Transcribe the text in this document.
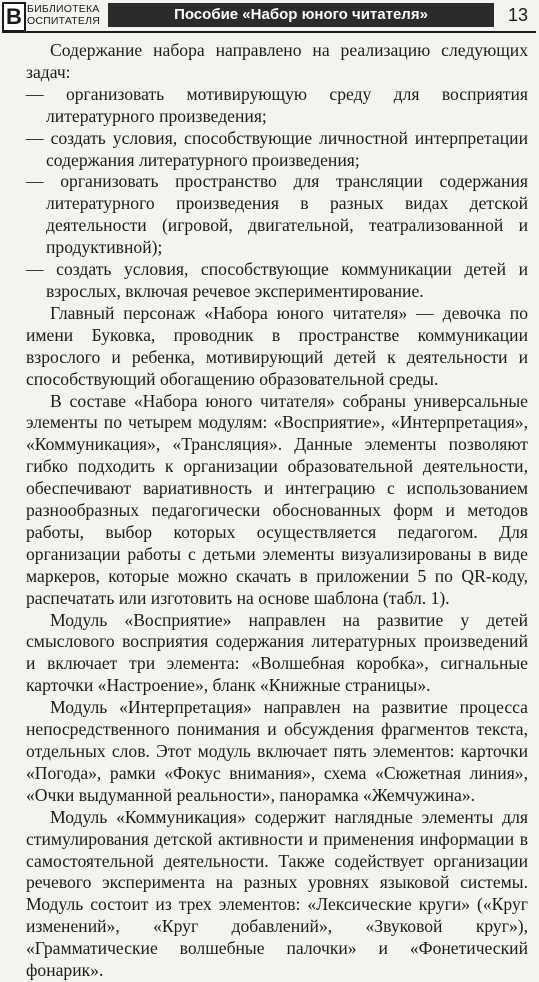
В БИБЛИОТЕКА
ОСПИТАТЕЛЯ	Пособие «Набор юного читателя»	13

Содержание набора направлено на реализацию следующих задач:

— организовать мотивирующую среду для восприятия литературного произведения;

— создать условия, способствующие личностной интерпретации содержания литературного произведения;

— организовать пространство для трансляции содержания литературного произведения в разных видах детской деятельности (игровой, двигательной, театрализованной и продуктивной);

— создать условия, способствующие коммуникации детей и взрослых, включая речевое экспериментирование.

Главный персонаж «Набора юного читателя» — девочка по имени Буковка, проводник в пространстве коммуникации взрослого и ребенка, мотивирующий детей к деятельности и способствующий обогащению образовательной среды.

В составе «Набора юного читателя» собраны универсальные элементы по четырем модулям: «Восприятие», «Интерпретация», «Коммуникация», «Трансляция». Данные элементы позволяют гибко подходить к организации образовательной деятельности, обеспечивают вариативность и интеграцию с использованием разнообразных педагогически обоснованных форм и методов работы, выбор которых осуществляется педагогом. Для организации работы с детьми элементы визуализированы в виде маркеров, которые можно скачать в приложении 5 по QR-коду, распечатать или изготовить на основе шаблона (табл. 1).

Модуль «Восприятие» направлен на развитие у детей смыслового восприятия содержания литературных произведений и включает три элемента: «Волшебная коробка», сигнальные карточки «Настроение», бланк «Книжные страницы».

Модуль «Интерпретация» направлен на развитие процесса непосредственного понимания и обсуждения фрагментов текста, отдельных слов. Этот модуль включает пять элементов: карточки «Погода», рамки «Фокус внимания», схема «Сюжетная линия», «Очки выдуманной реальности», панорамка «Жемчужина».

Модуль «Коммуникация» содержит наглядные элементы для стимулирования детской активности и применения информации в самостоятельной деятельности. Также содействует организации речевого эксперимента на разных уровнях языковой системы. Модуль состоит из трех элементов: «Лексические круги» («Круг изменений», «Круг добавлений», «Звуковой круг»), «Грамматические волшебные палочки» и «Фонетический фонарик».
